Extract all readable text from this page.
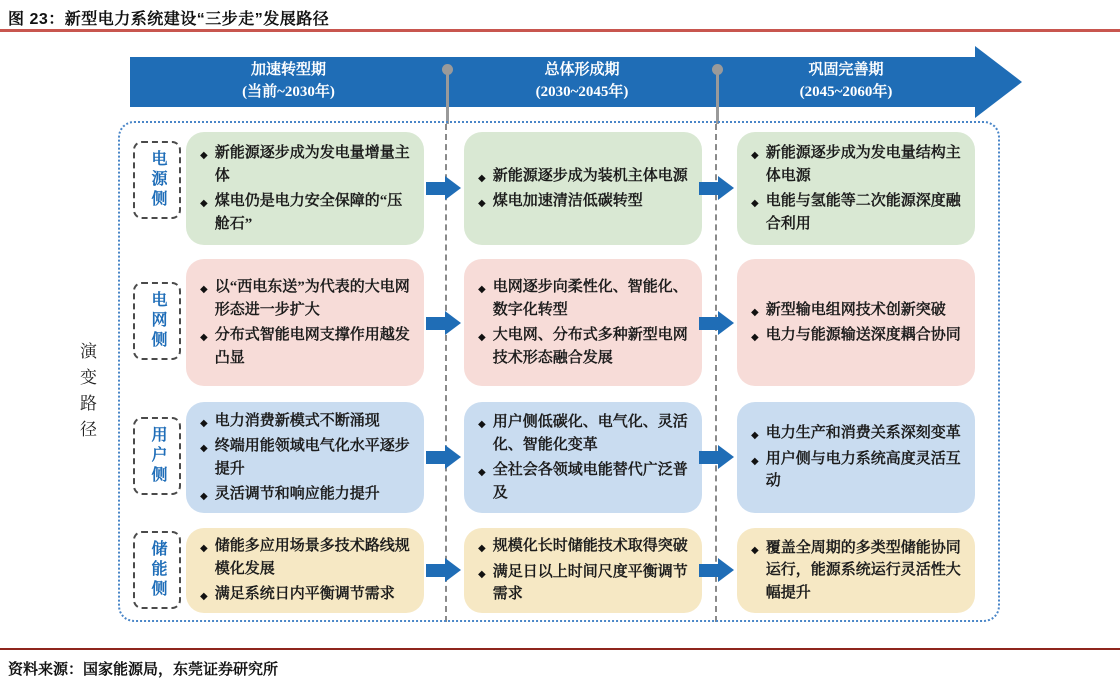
图 23：新型电力系统建设“三步走”发展路径
加速转型期
(当前~2030年)
总体形成期
(2030~2045年)
巩固完善期
(2045~2060年)
演变路径
电源侧
电网侧
用户侧
储能侧
◆ 新能源逐步成为发电量增量主体
◆ 煤电仍是电力安全保障的“压舱石”
◆ 新能源逐步成为装机主体电源
◆ 煤电加速清洁低碳转型
◆ 新能源逐步成为发电量结构主体电源
◆ 电能与氢能等二次能源深度融合利用
◆ 以“西电东送”为代表的大电网形态进一步扩大
◆ 分布式智能电网支撑作用越发凸显
◆ 电网逐步向柔性化、智能化、数字化转型
◆ 大电网、分布式多种新型电网技术形态融合发展
◆ 新型输电组网技术创新突破
◆ 电力与能源输送深度耦合协同
◆ 电力消费新模式不断涌现
◆ 终端用能领域电气化水平逐步提升
◆ 灵活调节和响应能力提升
◆ 用户侧低碳化、电气化、灵活化、智能化变革
◆ 全社会各领域电能替代广泛普及
◆ 电力生产和消费关系深刻变革
◆ 用户侧与电力系统高度灵活互动
◆ 储能多应用场景多技术路线规模化发展
◆ 满足系统日内平衡调节需求
◆ 规模化长时储能技术取得突破
◆ 满足日以上时间尺度平衡调节需求
◆ 覆盖全周期的多类型储能协同运行，能源系统运行灵活性大幅提升
资料来源：国家能源局，东莞证券研究所
